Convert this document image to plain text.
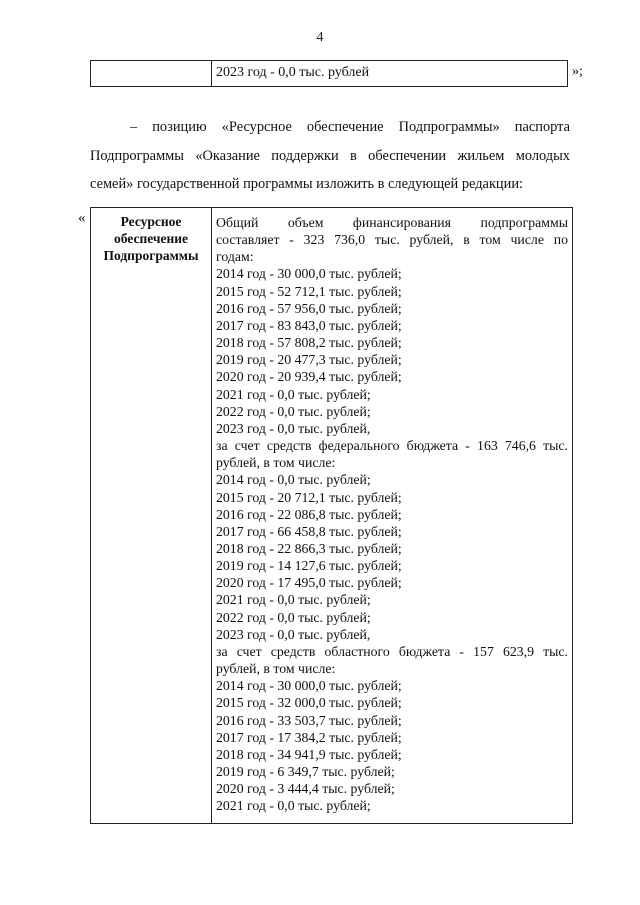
4
2023 год - 0,0 тыс. рублей	»;

– позицию «Ресурсное обеспечение Подпрограммы» паспорта
Подпрограммы «Оказание поддержки в обеспечении жильем молодых
семей» государственной программы изложить в следующей редакции:

«	Ресурсное
обеспечение
Подпрограммы
Общий объем финансирования подпрограммы
составляет - 323 736,0 тыс. рублей, в том числе по
годам:
2014 год - 30 000,0 тыс. рублей;
2015 год - 52 712,1 тыс. рублей;
2016 год - 57 956,0 тыс. рублей;
2017 год - 83 843,0 тыс. рублей;
2018 год - 57 808,2 тыс. рублей;
2019 год - 20 477,3 тыс. рублей;
2020 год - 20 939,4 тыс. рублей;
2021 год - 0,0 тыс. рублей;
2022 год - 0,0 тыс. рублей;
2023 год - 0,0 тыс. рублей,
за счет средств федерального бюджета - 163 746,6 тыс.
рублей, в том числе:
2014 год - 0,0 тыс. рублей;
2015 год - 20 712,1 тыс. рублей;
2016 год - 22 086,8 тыс. рублей;
2017 год - 66 458,8 тыс. рублей;
2018 год - 22 866,3 тыс. рублей;
2019 год - 14 127,6 тыс. рублей;
2020 год - 17 495,0 тыс. рублей;
2021 год - 0,0 тыс. рублей;
2022 год - 0,0 тыс. рублей;
2023 год - 0,0 тыс. рублей,
за счет средств областного бюджета - 157 623,9 тыс.
рублей, в том числе:
2014 год - 30 000,0 тыс. рублей;
2015 год - 32 000,0 тыс. рублей;
2016 год - 33 503,7 тыс. рублей;
2017 год - 17 384,2 тыс. рублей;
2018 год - 34 941,9 тыс. рублей;
2019 год - 6 349,7 тыс. рублей;
2020 год - 3 444,4 тыс. рублей;
2021 год - 0,0 тыс. рублей;
